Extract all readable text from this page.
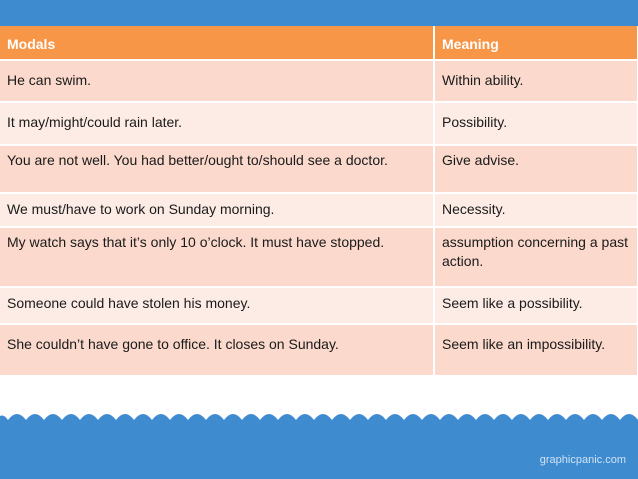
Modals	Meaning
He can swim.	Within ability.
It may/might/could rain later.	Possibility.
You are not well. You had better/ought to/should see a doctor.	Give advise.
We must/have to work on Sunday morning.	Necessity.
My watch says that it’s only 10 o’clock. It must have stopped.	assumption concerning a past action.
Someone could have stolen his money.	Seem like a possibility.
She couldn’t have gone to office. It closes on Sunday.	Seem like an impossibility.
graphicpanic.com
